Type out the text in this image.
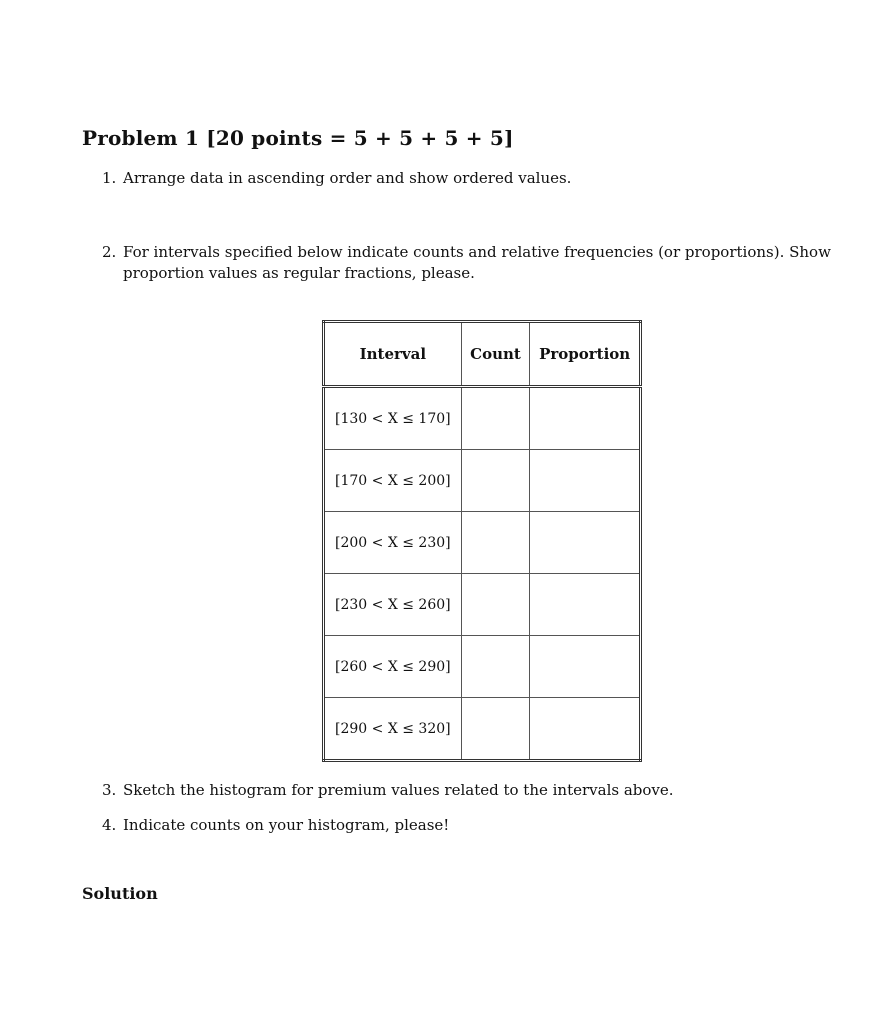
Problem 1 [20 points = 5 + 5 + 5 + 5]
1. Arrange data in ascending order and show ordered values.
2. For intervals specified below indicate counts and relative frequencies (or proportions). Show proportion values as regular fractions, please.
Interval	Count	Proportion
[130 < X ≤ 170]		
[170 < X ≤ 200]		
[200 < X ≤ 230]		
[230 < X ≤ 260]		
[260 < X ≤ 290]		
[290 < X ≤ 320]		
3. Sketch the histogram for premium values related to the intervals above.
4. Indicate counts on your histogram, please!
Solution
